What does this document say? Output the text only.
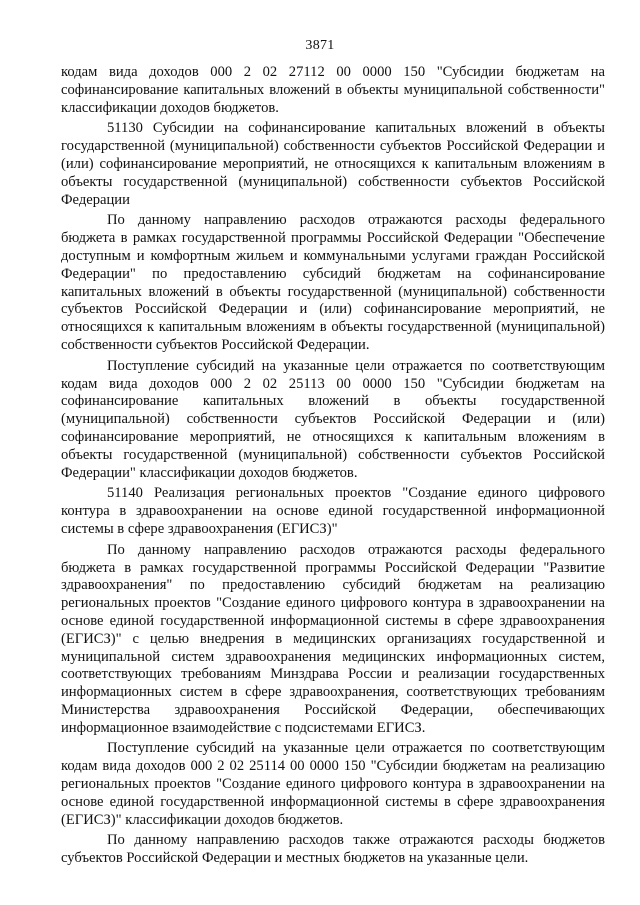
3871

кодам вида доходов 000 2 02 27112 00 0000 150 "Субсидии бюджетам на софинансирование капитальных вложений в объекты муниципальной собственности" классификации доходов бюджетов.

51130 Субсидии на софинансирование капитальных вложений в объекты государственной (муниципальной) собственности субъектов Российской Федерации и (или) софинансирование мероприятий, не относящихся к капитальным вложениям в объекты государственной (муниципальной) собственности субъектов Российской Федерации

По данному направлению расходов отражаются расходы федерального бюджета в рамках государственной программы Российской Федерации "Обеспечение доступным и комфортным жильем и коммунальными услугами граждан Российской Федерации" по предоставлению субсидий бюджетам на софинансирование капитальных вложений в объекты государственной (муниципальной) собственности субъектов Российской Федерации и (или) софинансирование мероприятий, не относящихся к капитальным вложениям в объекты государственной (муниципальной) собственности субъектов Российской Федерации.

Поступление субсидий на указанные цели отражается по соответствующим кодам вида доходов 000 2 02 25113 00 0000 150 "Субсидии бюджетам на софинансирование капитальных вложений в объекты государственной (муниципальной) собственности субъектов Российской Федерации и (или) софинансирование мероприятий, не относящихся к капитальным вложениям в объекты государственной (муниципальной) собственности субъектов Российской Федерации" классификации доходов бюджетов.

51140 Реализация региональных проектов "Создание единого цифрового контура в здравоохранении на основе единой государственной информационной системы в сфере здравоохранения (ЕГИСЗ)"

По данному направлению расходов отражаются расходы федерального бюджета в рамках государственной программы Российской Федерации "Развитие здравоохранения" по предоставлению субсидий бюджетам на реализацию региональных проектов "Создание единого цифрового контура в здравоохранении на основе единой государственной информационной системы в сфере здравоохранения (ЕГИСЗ)" с целью внедрения в медицинских организациях государственной и муниципальной систем здравоохранения медицинских информационных систем, соответствующих требованиям Минздрава России и реализации государственных информационных систем в сфере здравоохранения, соответствующих требованиям Министерства здравоохранения Российской Федерации, обеспечивающих информационное взаимодействие с подсистемами ЕГИСЗ.

Поступление субсидий на указанные цели отражается по соответствующим кодам вида доходов 000 2 02 25114 00 0000 150 "Субсидии бюджетам на реализацию региональных проектов "Создание единого цифрового контура в здравоохранении на основе единой государственной информационной системы в сфере здравоохранения (ЕГИСЗ)" классификации доходов бюджетов.

По данному направлению расходов также отражаются расходы бюджетов субъектов Российской Федерации и местных бюджетов на указанные цели.
